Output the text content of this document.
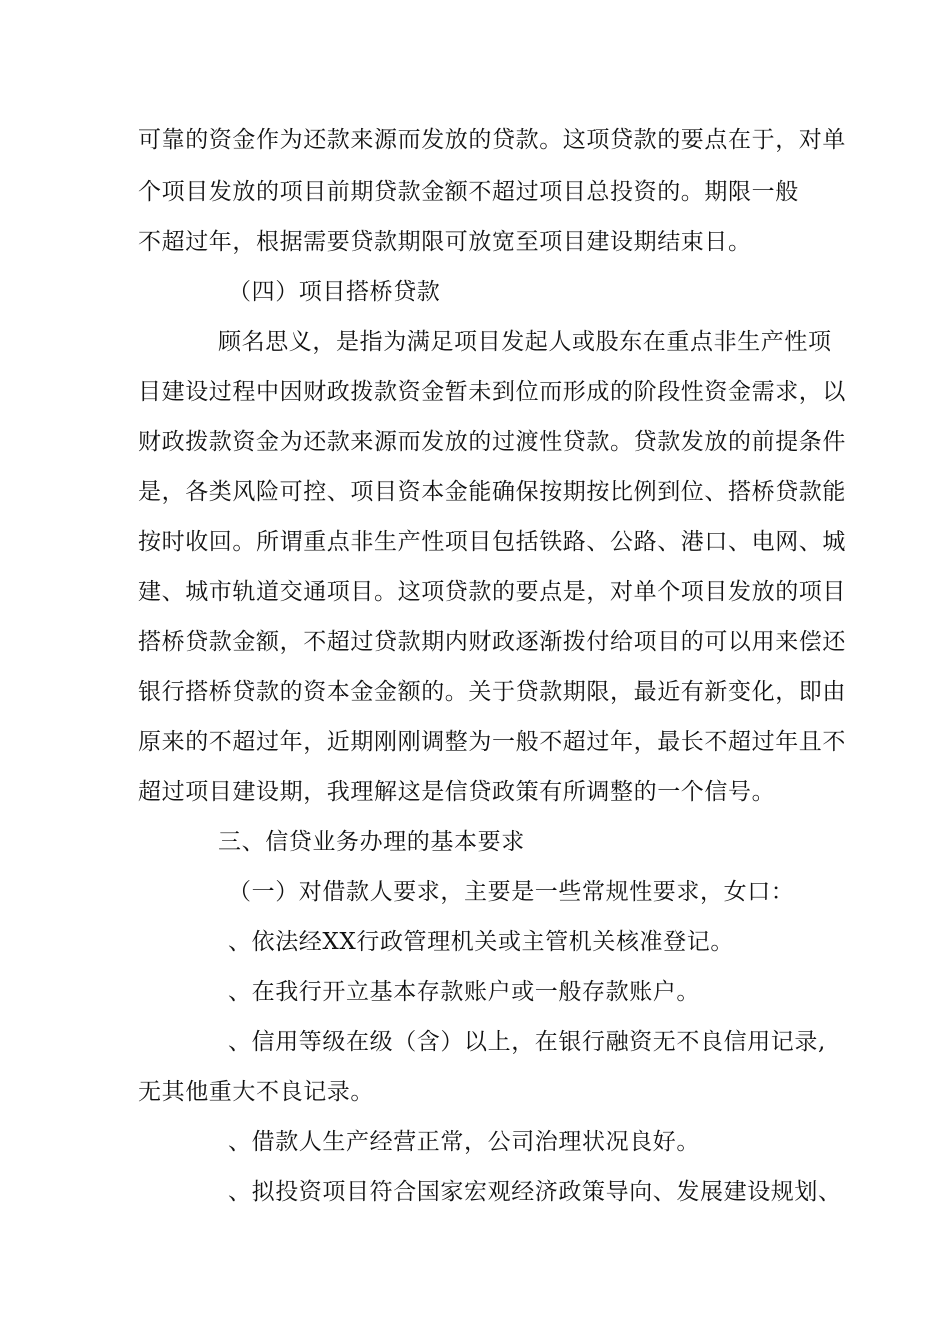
可靠的资金作为还款来源而发放的贷款。这项贷款的要点在于，对单
个项目发放的项目前期贷款金额不超过项目总投资的。期限一般
不超过年，根据需要贷款期限可放宽至项目建设期结束日。
（四）项目搭桥贷款
顾名思义，是指为满足项目发起人或股东在重点非生产性项
目建设过程中因财政拨款资金暂未到位而形成的阶段性资金需求，以
财政拨款资金为还款来源而发放的过渡性贷款。贷款发放的前提条件
是，各类风险可控、项目资本金能确保按期按比例到位、搭桥贷款能
按时收回。所谓重点非生产性项目包括铁路、公路、港口、电网、城
建、城市轨道交通项目。这项贷款的要点是，对单个项目发放的项目
搭桥贷款金额，不超过贷款期内财政逐渐拨付给项目的可以用来偿还
银行搭桥贷款的资本金金额的。关于贷款期限，最近有新变化，即由
原来的不超过年，近期刚刚调整为一般不超过年，最长不超过年且不
超过项目建设期，我理解这是信贷政策有所调整的一个信号。
三、信贷业务办理的基本要求
（一）对借款人要求，主要是一些常规性要求，女口：
、依法经XX行政管理机关或主管机关核准登记。
、在我行开立基本存款账户或一般存款账户。
、信用等级在级（含）以上，在银行融资无不良信用记录,
无其他重大不良记录。
、借款人生产经营正常，公司治理状况良好。
、拟投资项目符合国家宏观经济政策导向、发展建设规划、
